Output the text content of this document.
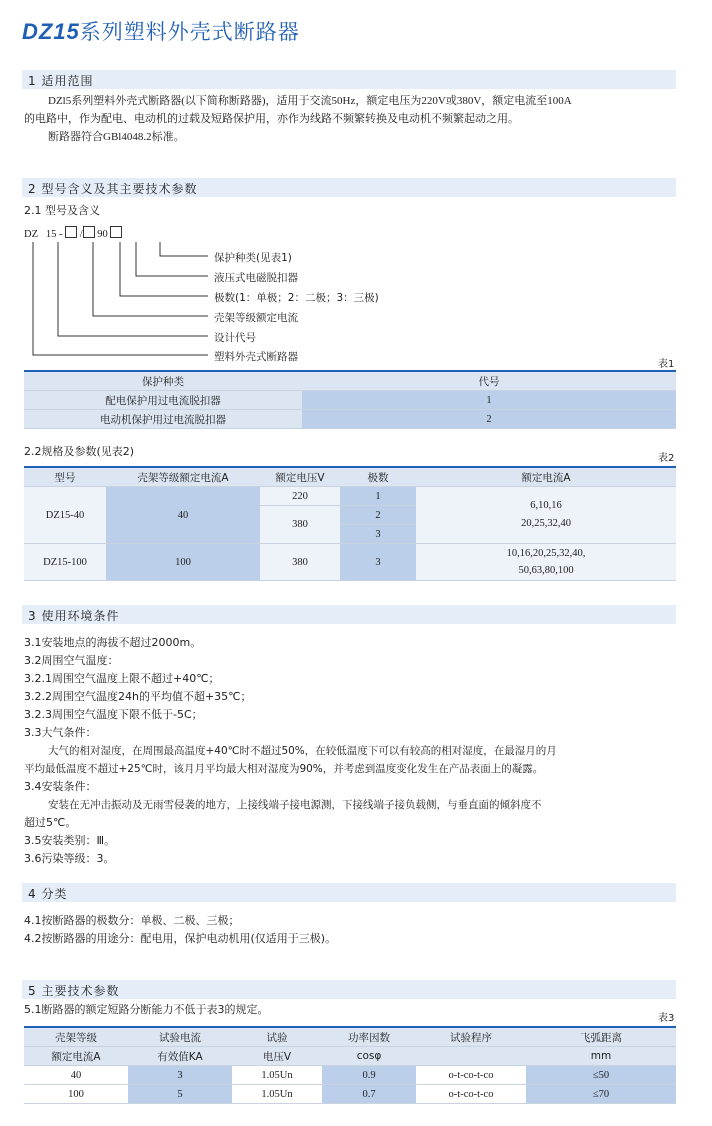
DZ15系列塑料外壳式断路器
1 适用范围
DZl5系列塑料外壳式断路器(以下简称断路器)，适用于交流50Hz，额定电压为220V或380V，额定电流至100A
的电路中，作为配电、电动机的过载及短路保护用，亦作为线路不频繁转换及电动机不频繁起动之用。
断路器符合GBl4048.2标准。
2 型号含义及其主要技术参数
2.1 型号及含义
DZ 15 - / 90
保护种类(见表1)
液压式电磁脱扣器
极数(1：单极；2：二极；3：三极)
壳架等级额定电流
设计代号
塑料外壳式断路器
表1
保护种类	代号
配电保护用过电流脱扣器	1
电动机保护用过电流脱扣器	2
2.2规格及参数(见表2)
表2
型号	壳架等级额定电流A	额定电压V	极数	额定电流A
DZ15-40	40	220	1	6,10,16
20,25,32,40

		380	2	
			3	
DZ15-100	100	380	3	10,16,20,25,32,40,
50,63,80,100
3 使用环境条件
3.1安装地点的海拔不超过2000m。
3.2周围空气温度：
3.2.1周围空气温度上限不超过+40℃；
3.2.2周围空气温度24h的平均值不超+35℃；
3.2.3周围空气温度下限不低于-5C；
3.3大气条件：
大气的相对湿度，在周围最高温度+40℃时不超过50%，在较低温度下可以有较高的相对湿度，在最湿月的月
平均最低温度不超过+25℃时，该月月平均最大相对湿度为90%，并考虑到温度变化发生在产品表面上的凝露。
3.4安装条件：
安装在无冲击振动及无雨雪侵袭的地方，上接线端子接电源测，下接线端子接负载侧，与垂直面的倾斜度不
超过5℃。
3.5安装类别：Ⅲ。
3.6污染等级：3。
4 分类
4.1按断路器的极数分：单极、二极、三极；
4.2按断路器的用途分：配电用，保护电动机用(仅适用于三极)。
5 主要技术参数
5.1断路器的额定短路分断能力不低于表3的规定。
表3
壳架等级	试验电流	试验	功率因数	试验程序	飞弧距离
额定电流A	有效值KA	电压V	cosφ		mm
40	3	1.05Un	0.9	o-t-co-t-co	≤50
100	5	1.05Un	0.7	o-t-co-t-co	≤70
